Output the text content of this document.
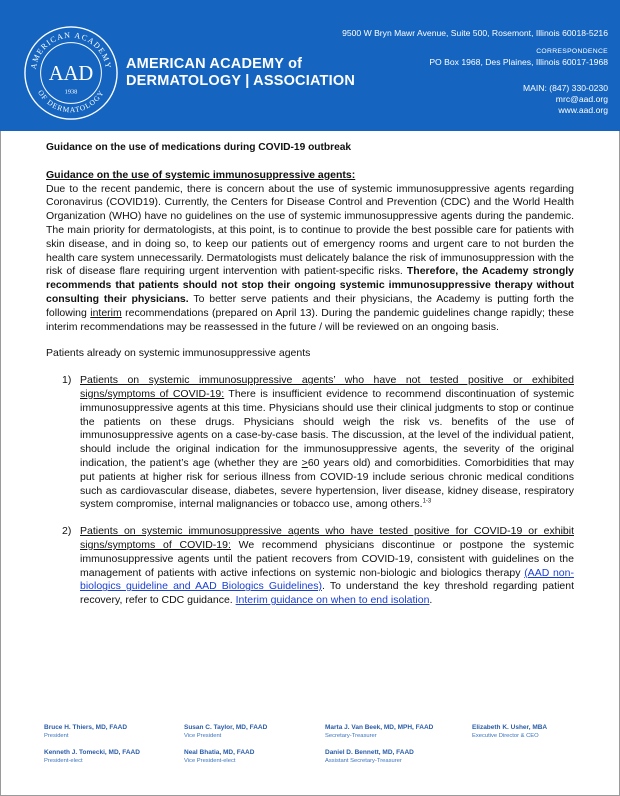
AMERICAN ACADEMY
OF DERMATOLOGY
AAD
1938
AMERICAN ACADEMY of
DERMATOLOGY | ASSOCIATION
9500 W Bryn Mawr Avenue, Suite 500, Rosemont, Illinois 60018-5216
CORRESPONDENCE
PO Box 1968, Des Plaines, Illinois 60017-1968
MAIN: (847) 330-0230
mrc@aad.org
www.aad.org
Guidance on the use of medications during COVID-19 outbreak
Guidance on the use of systemic immunosuppressive agents:

Due to the recent pandemic, there is concern about the use of systemic immunosuppressive agents regarding Coronavirus (COVID19). Currently, the Centers for Disease Control and Prevention (CDC) and the World Health Organization (WHO) have no guidelines on the use of systemic immunosuppressive agents during the pandemic. The main priority for dermatologists, at this point, is to continue to provide the best possible care for patients with skin disease, and in doing so, to keep our patients out of emergency rooms and urgent care to not burden the health care system unnecessarily. Dermatologists must delicately balance the risk of immunosuppression with the risk of disease flare requiring urgent intervention with patient-specific risks. Therefore, the Academy strongly recommends that patients should not stop their ongoing systemic immunosuppressive therapy without consulting their physicians. To better serve patients and their physicians, the Academy is putting forth the following interim recommendations (prepared on April 13). During the pandemic guidelines change rapidly; these interim recommendations may be reassessed in the future / will be reviewed on an ongoing basis.

Patients already on systemic immunosuppressive agents
1) Patients on systemic immunosuppressive agents’ who have not tested positive or exhibited signs/symptoms of COVID-19: There is insufficient evidence to recommend discontinuation of systemic immunosuppressive agents at this time. Physicians should use their clinical judgments to stop or continue the patients on these drugs. Physicians should weigh the risk vs. benefits of the use of immunosuppressive agents on a case-by-case basis. The discussion, at the level of the individual patient, should include the original indication for the immunosuppressive agents, the severity of the original indication, the patient’s age (whether they are >60 years old) and comorbidities. Comorbidities that may put patients at higher risk for serious illness from COVID-19 include serious chronic medical conditions such as cardiovascular disease, diabetes, severe hypertension, liver disease, kidney disease, respiratory system compromise, internal malignancies or tobacco use, among others.$^{1-3}$
2) Patients on systemic immunosuppressive agents who have tested positive for COVID-19 or exhibit signs/symptoms of COVID-19: We recommend physicians discontinue or postpone the systemic immunosuppressive agents until the patient recovers from COVID-19, consistent with guidelines on the management of patients with active infections on systemic non-biologic and biologics therapy (AAD non-biologics guideline and AAD Biologics Guidelines). To understand the key threshold regarding patient recovery, refer to CDC guidance. Interim guidance on when to end isolation.
Bruce H. Thiers, MD, FAAD
President
Kenneth J. Tomecki, MD, FAAD
President-elect
Susan C. Taylor, MD, FAAD
Vice President
Neal Bhatia, MD, FAAD
Vice President-elect
Marta J. Van Beek, MD, MPH, FAAD
Secretary-Treasurer
Daniel D. Bennett, MD, FAAD
Assistant Secretary-Treasurer
Elizabeth K. Usher, MBA
Executive Director & CEO
